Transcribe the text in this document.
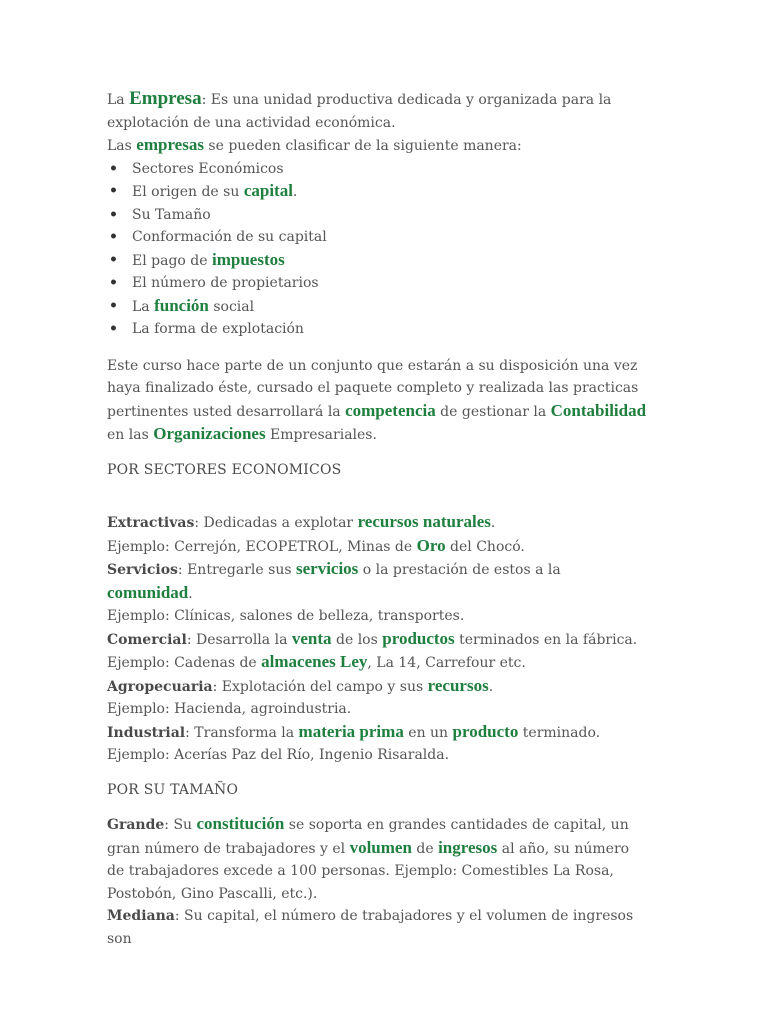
La Empresa: Es una unidad productiva dedicada y organizada para la explotación de una actividad económica.

Las empresas se pueden clasificar de la siguiente manera:

• Sectores Económicos
• El origen de su capital.
• Su Tamaño
• Conformación de su capital
• El pago de impuestos
• El número de propietarios
• La función social
• La forma de explotación

Este curso hace parte de un conjunto que estarán a su disposición una vez haya finalizado éste, cursado el paquete completo y realizada las practicas pertinentes usted desarrollará la competencia de gestionar la Contabilidad en las Organizaciones Empresariales.

POR SECTORES ECONOMICOS

Extractivas: Dedicadas a explotar recursos naturales.

Ejemplo: Cerrejón, ECOPETROL, Minas de Oro del Chocó.

Servicios: Entregarle sus servicios o la prestación de estos a la comunidad.

Ejemplo: Clínicas, salones de belleza, transportes.

Comercial: Desarrolla la venta de los productos terminados en la fábrica.

Ejemplo: Cadenas de almacenes Ley, La 14, Carrefour etc.

Agropecuaria: Explotación del campo y sus recursos.

Ejemplo: Hacienda, agroindustria.

Industrial: Transforma la materia prima en un producto terminado.

Ejemplo: Acerías Paz del Río, Ingenio Risaralda.

POR SU TAMAÑO

Grande: Su constitución se soporta en grandes cantidades de capital, un gran número de trabajadores y el volumen de ingresos al año, su número de trabajadores excede a 100 personas. Ejemplo: Comestibles La Rosa, Postobón, Gino Pascalli, etc.).

Mediana: Su capital, el número de trabajadores y el volumen de ingresos son
